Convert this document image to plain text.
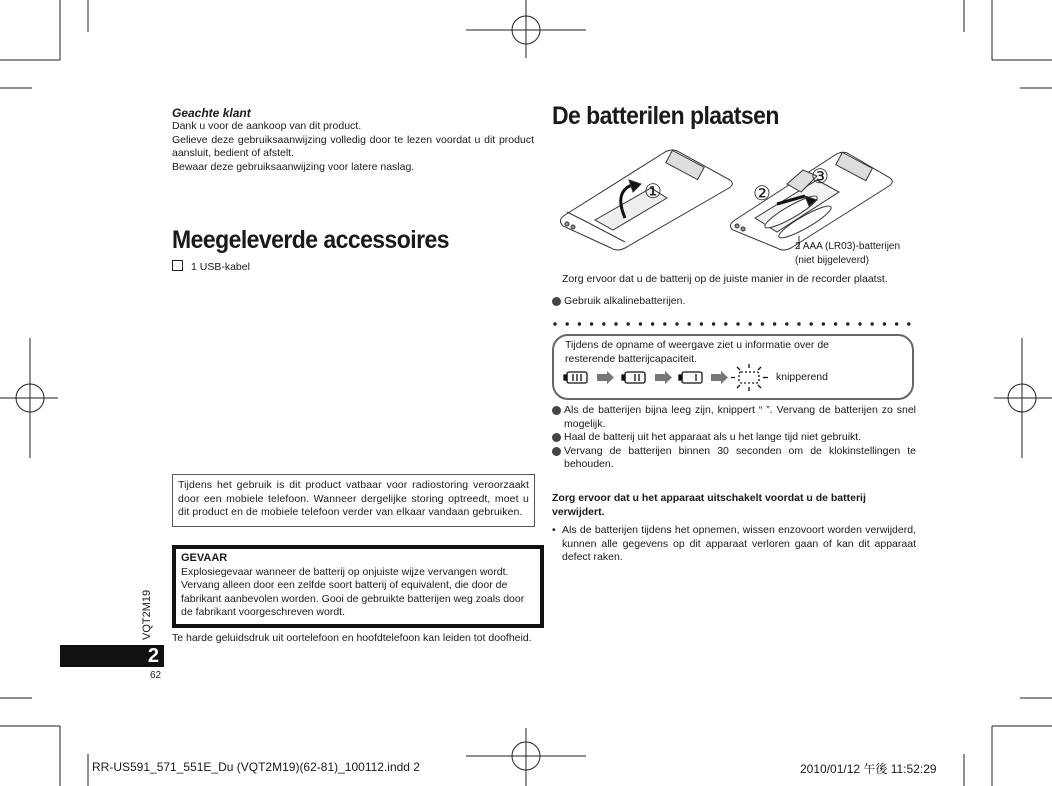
Geachte klant
Dank u voor de aankoop van dit product.
Gelieve deze gebruiksaanwijzing volledig door te lezen voordat u dit product aansluit, bedient of afstelt.
Bewaar deze gebruiksaanwijzing voor latere naslag.
Meegeleverde accessoires
1 USB-kabel
Tijdens het gebruik is dit product vatbaar voor radiostoring veroorzaakt door een mobiele telefoon. Wanneer dergelijke storing optreedt, moet u dit product en de mobiele telefoon verder van elkaar vandaan gebruiken.
GEVAAR
Explosiegevaar wanneer de batterij op onjuiste wijze vervangen wordt. Vervang alleen door een zelfde soort batterij of equivalent, die door de fabrikant aanbevolen worden. Gooi de gebruikte batterijen weg zoals door de fabrikant voorgeschreven wordt.
Te harde geluidsdruk uit oortelefoon en hoofdtelefoon kan leiden tot doofheid.
VQT2M19
2
62
De batterilen plaatsen
①	②
③
2 AAA (LR03)-batterijen
(niet bijgeleverd)
Zorg ervoor dat u de batterij op de juiste manier in de recorder plaatst.
Gebruik alkalinebatterijen.
Tijdens de opname of weergave ziet u informatie over de resterende batterijcapaciteit.
knipperend
Als de batterijen bijna leeg zijn, knippert “ ”. Vervang de batterijen zo snel mogelijk.
Haal de batterij uit het apparaat als u het lange tijd niet gebruikt.
Vervang de batterijen binnen 30 seconden om de klokinstellingen te behouden.
Zorg ervoor dat u het apparaat uitschakelt voordat u de batterij verwijdert.
• Als de batterijen tijdens het opnemen, wissen enzovoort worden verwijderd, kunnen alle gegevens op dit apparaat verloren gaan of kan dit apparaat defect raken.
RR-US591_571_551E_Du (VQT2M19)(62-81)_100112.indd 2	2010/01/12 午後 11:52:29
